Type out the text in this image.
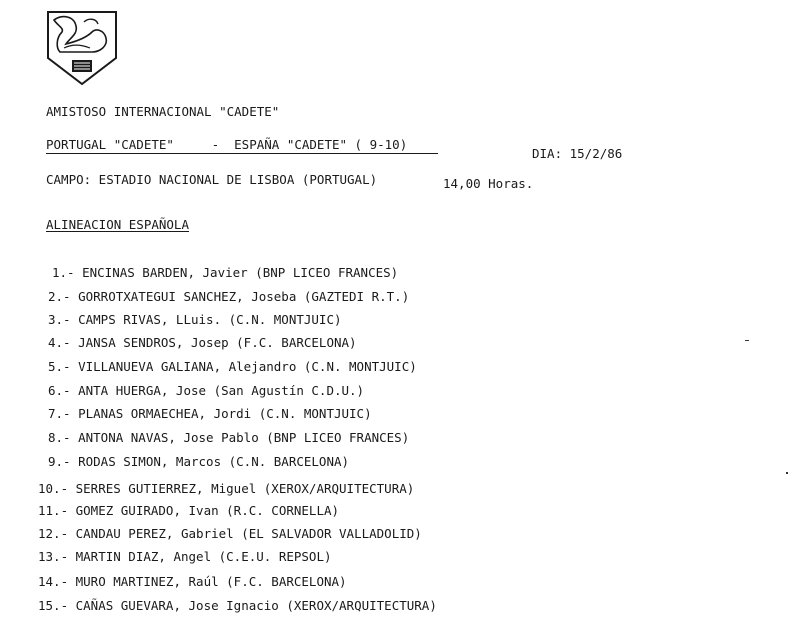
AMISTOSO INTERNACIONAL "CADETE"
PORTUGAL "CADETE"     -  ESPAÑA "CADETE" ( 9-10)
DIA: 15/2/86
CAMPO: ESTADIO NACIONAL DE LISBOA (PORTUGAL)	14,00 Horas.
ALINEACION ESPAÑOLA
1.- ENCINAS BARDEN, Javier (BNP LICEO FRANCES)
2.- GORROTXATEGUI SANCHEZ, Joseba (GAZTEDI R.T.)
3.- CAMPS RIVAS, LLuis. (C.N. MONTJUIC)
4.- JANSA SENDROS, Josep (F.C. BARCELONA)
5.- VILLANUEVA GALIANA, Alejandro (C.N. MONTJUIC)
6.- ANTA HUERGA, Jose (San Agustín C.D.U.)
7.- PLANAS ORMAECHEA, Jordi (C.N. MONTJUIC)
8.- ANTONA NAVAS, Jose Pablo (BNP LICEO FRANCES)
9.- RODAS SIMON, Marcos (C.N. BARCELONA)
10.- SERRES GUTIERREZ, Miguel (XEROX/ARQUITECTURA)
11.- GOMEZ GUIRADO, Ivan (R.C. CORNELLA)
12.- CANDAU PEREZ, Gabriel (EL SALVADOR VALLADOLID)
13.- MARTIN DIAZ, Angel (C.E.U. REPSOL)
14.- MURO MARTINEZ, Raúl (F.C. BARCELONA)
15.- CAÑAS GUEVARA, Jose Ignacio (XEROX/ARQUITECTURA)
